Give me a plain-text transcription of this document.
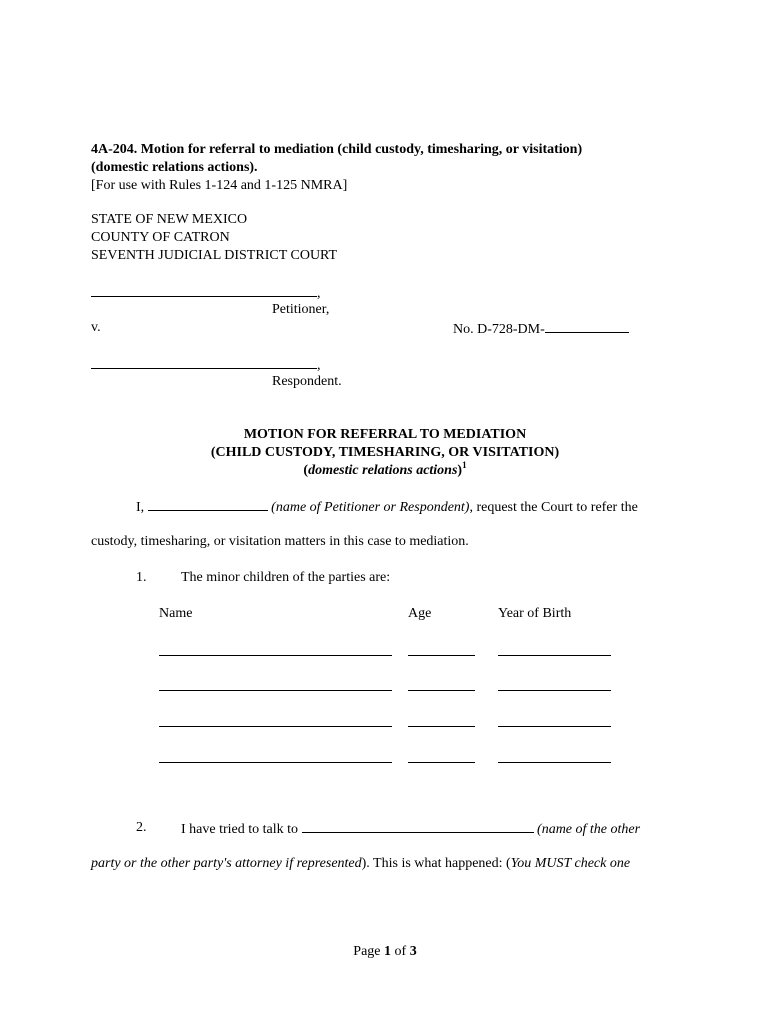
4A-204. Motion for referral to mediation (child custody, timesharing, or visitation)
(domestic relations actions).
[For use with Rules 1-124 and 1-125 NMRA]
STATE OF NEW MEXICO
COUNTY OF CATRON
SEVENTH JUDICIAL DISTRICT COURT
,
Petitioner,
v.	No. D-728-DM-
,
Respondent.
MOTION FOR REFERRAL TO MEDIATION
(CHILD CUSTODY, TIMESHARING, OR VISITATION)
(domestic relations actions)$^1$
I,	(name of Petitioner or Respondent), request the Court to refer the
custody, timesharing, or visitation matters in this case to mediation.
1. The minor children of the parties are:
Name	Age	Year of Birth
2. I have tried to talk to	(name of the other
party or the other party's attorney if represented). This is what happened: (You MUST check one
Page 1 of 3
